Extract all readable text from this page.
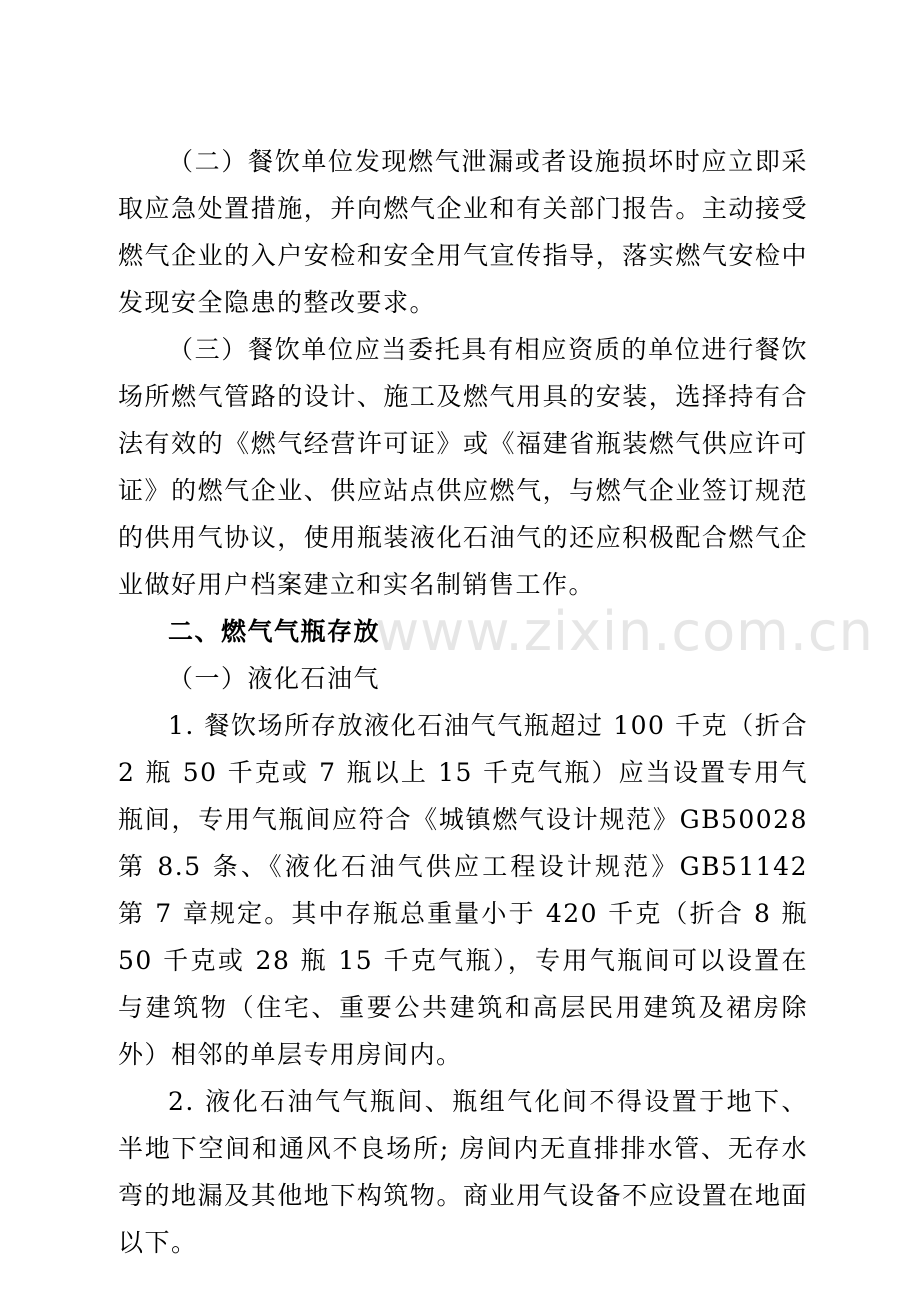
（二）餐饮单位发现燃气泄漏或者设施损坏时应立即采取应急处置措施，并向燃气企业和有关部门报告。主动接受燃气企业的入户安检和安全用气宣传指导，落实燃气安检中发现安全隐患的整改要求。

（三）餐饮单位应当委托具有相应资质的单位进行餐饮场所燃气管路的设计、施工及燃气用具的安装，选择持有合法有效的《燃气经营许可证》或《福建省瓶装燃气供应许可证》的燃气企业、供应站点供应燃气，与燃气企业签订规范的供用气协议，使用瓶装液化石油气的还应积极配合燃气企业做好用户档案建立和实名制销售工作。

二、燃气气瓶存放

（一）液化石油气

1. 餐饮场所存放液化石油气气瓶超过 100 千克（折合 2 瓶 50 千克或 7 瓶以上 15 千克气瓶）应当设置专用气瓶间，专用气瓶间应符合《城镇燃气设计规范》GB50028 第 8.5 条、《液化石油气供应工程设计规范》GB51142 第 7 章规定。其中存瓶总重量小于 420 千克（折合 8 瓶 50 千克或 28 瓶 15 千克气瓶），专用气瓶间可以设置在与建筑物（住宅、重要公共建筑和高层民用建筑及裙房除外）相邻的单层专用房间内。

2. 液化石油气气瓶间、瓶组气化间不得设置于地下、半地下空间和通风不良场所; 房间内无直排排水管、无存水弯的地漏及其他地下构筑物。商业用气设备不应设置在地面以下。

www.zixin.com.cn
